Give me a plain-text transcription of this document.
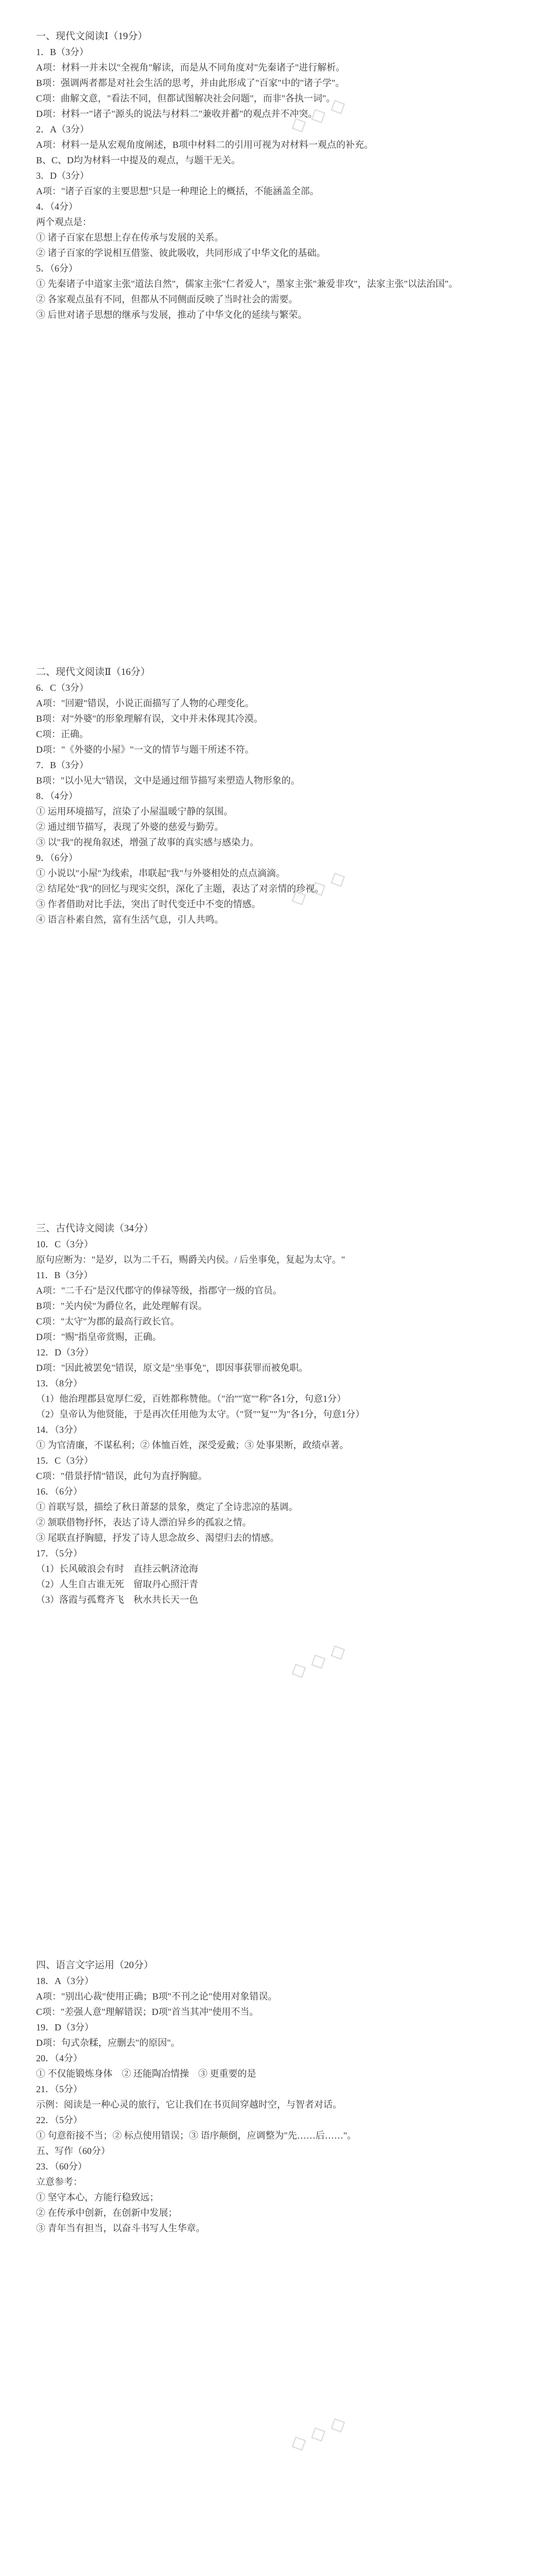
一、现代文阅读Ⅰ（19分）

1．B（3分）

A项：材料一并未以"全视角"解读，而是从不同角度对"先秦诸子"进行解析。

B项：强调两者都是对社会生活的思考，并由此形成了"百家"中的"诸子学"。

C项：曲解文意，"看法不同，但都试图解决社会问题"，而非"各执一词"。

D项：材料一"诸子"源头的说法与材料二"兼收并蓄"的观点并不冲突。

2．A（3分）

A项：材料一是从宏观角度阐述，B项中材料二的引用可视为对材料一观点的补充。

B、C、D均为材料一中提及的观点，与题干无关。

3．D（3分）

A项："诸子百家的主要思想"只是一种理论上的概括，不能涵盖全部。

4．（4分）

两个观点是：

① 诸子百家在思想上存在传承与发展的关系。

② 诸子百家的学说相互借鉴、彼此吸收，共同形成了中华文化的基础。

5．（6分）

① 先秦诸子中道家主张"道法自然"，儒家主张"仁者爱人"，墨家主张"兼爱非攻"，法家主张"以法治国"。

② 各家观点虽有不同，但都从不同侧面反映了当时社会的需要。

③ 后世对诸子思想的继承与发展，推动了中华文化的延续与繁荣。

二、现代文阅读Ⅱ（16分）

6．C（3分）

A项："回避"错误，小说正面描写了人物的心理变化。

B项：对"外婆"的形象理解有误，文中并未体现其冷漠。

C项：正确。

D项："《外婆的小屋》"一文的情节与题干所述不符。

7．B（3分）

B项："以小见大"错误，文中是通过细节描写来塑造人物形象的。

8．（4分）

① 运用环境描写，渲染了小屋温暖宁静的氛围。

② 通过细节描写，表现了外婆的慈爱与勤劳。

③ 以"我"的视角叙述，增强了故事的真实感与感染力。

9．（6分）

① 小说以"小屋"为线索，串联起"我"与外婆相处的点点滴滴。

② 结尾处"我"的回忆与现实交织，深化了主题，表达了对亲情的珍视。

③ 作者借助对比手法，突出了时代变迁中不变的情感。

④ 语言朴素自然，富有生活气息，引人共鸣。

三、古代诗文阅读（34分）

10．C（3分）

原句应断为："是岁，以为二千石，赐爵关内侯。/ 后坐事免，复起为太守。"

11．B（3分）

A项："二千石"是汉代郡守的俸禄等级，指郡守一级的官员。

B项："关内侯"为爵位名，此处理解有误。

C项："太守"为郡的最高行政长官。

D项："赐"指皇帝赏赐，正确。

12．D（3分）

D项："因此被罢免"错误，原文是"坐事免"，即因事获罪而被免职。

13．（8分）

（1）他治理郡县宽厚仁爱，百姓都称赞他。（"治""宽""称"各1分，句意1分）

（2）皇帝认为他贤能，于是再次任用他为太守。（"贤""复""为"各1分，句意1分）

14．（3分）

① 为官清廉，不谋私利；② 体恤百姓，深受爱戴；③ 处事果断，政绩卓著。

15．C（3分）

C项："借景抒情"错误，此句为直抒胸臆。

16．（6分）

① 首联写景，描绘了秋日萧瑟的景象，奠定了全诗悲凉的基调。

② 颔联借物抒怀，表达了诗人漂泊异乡的孤寂之情。

③ 尾联直抒胸臆，抒发了诗人思念故乡、渴望归去的情感。

17．（5分）

（1）长风破浪会有时　直挂云帆济沧海

（2）人生自古谁无死　留取丹心照汗青

（3）落霞与孤鹜齐飞　秋水共长天一色

四、语言文字运用（20分）

18．A（3分）

A项："别出心裁"使用正确；B项"不刊之论"使用对象错误。

C项："差强人意"理解错误；D项"首当其冲"使用不当。

19．D（3分）

D项：句式杂糅，应删去"的原因"。

20．（4分）

① 不仅能锻炼身体　② 还能陶冶情操　③ 更重要的是

21．（5分）

示例：阅读是一种心灵的旅行，它让我们在书页间穿越时空，与智者对话。

22．（5分）

① 句意衔接不当；② 标点使用错误；③ 语序颠倒，应调整为"先……后……"。

五、写作（60分）

23．（60分）

立意参考：

① 坚守本心，方能行稳致远；

② 在传承中创新，在创新中发展；

③ 青年当有担当，以奋斗书写人生华章。

◇ ◇ ◇
◇ ◇ ◇
◇ ◇ ◇
◇ ◇ ◇
